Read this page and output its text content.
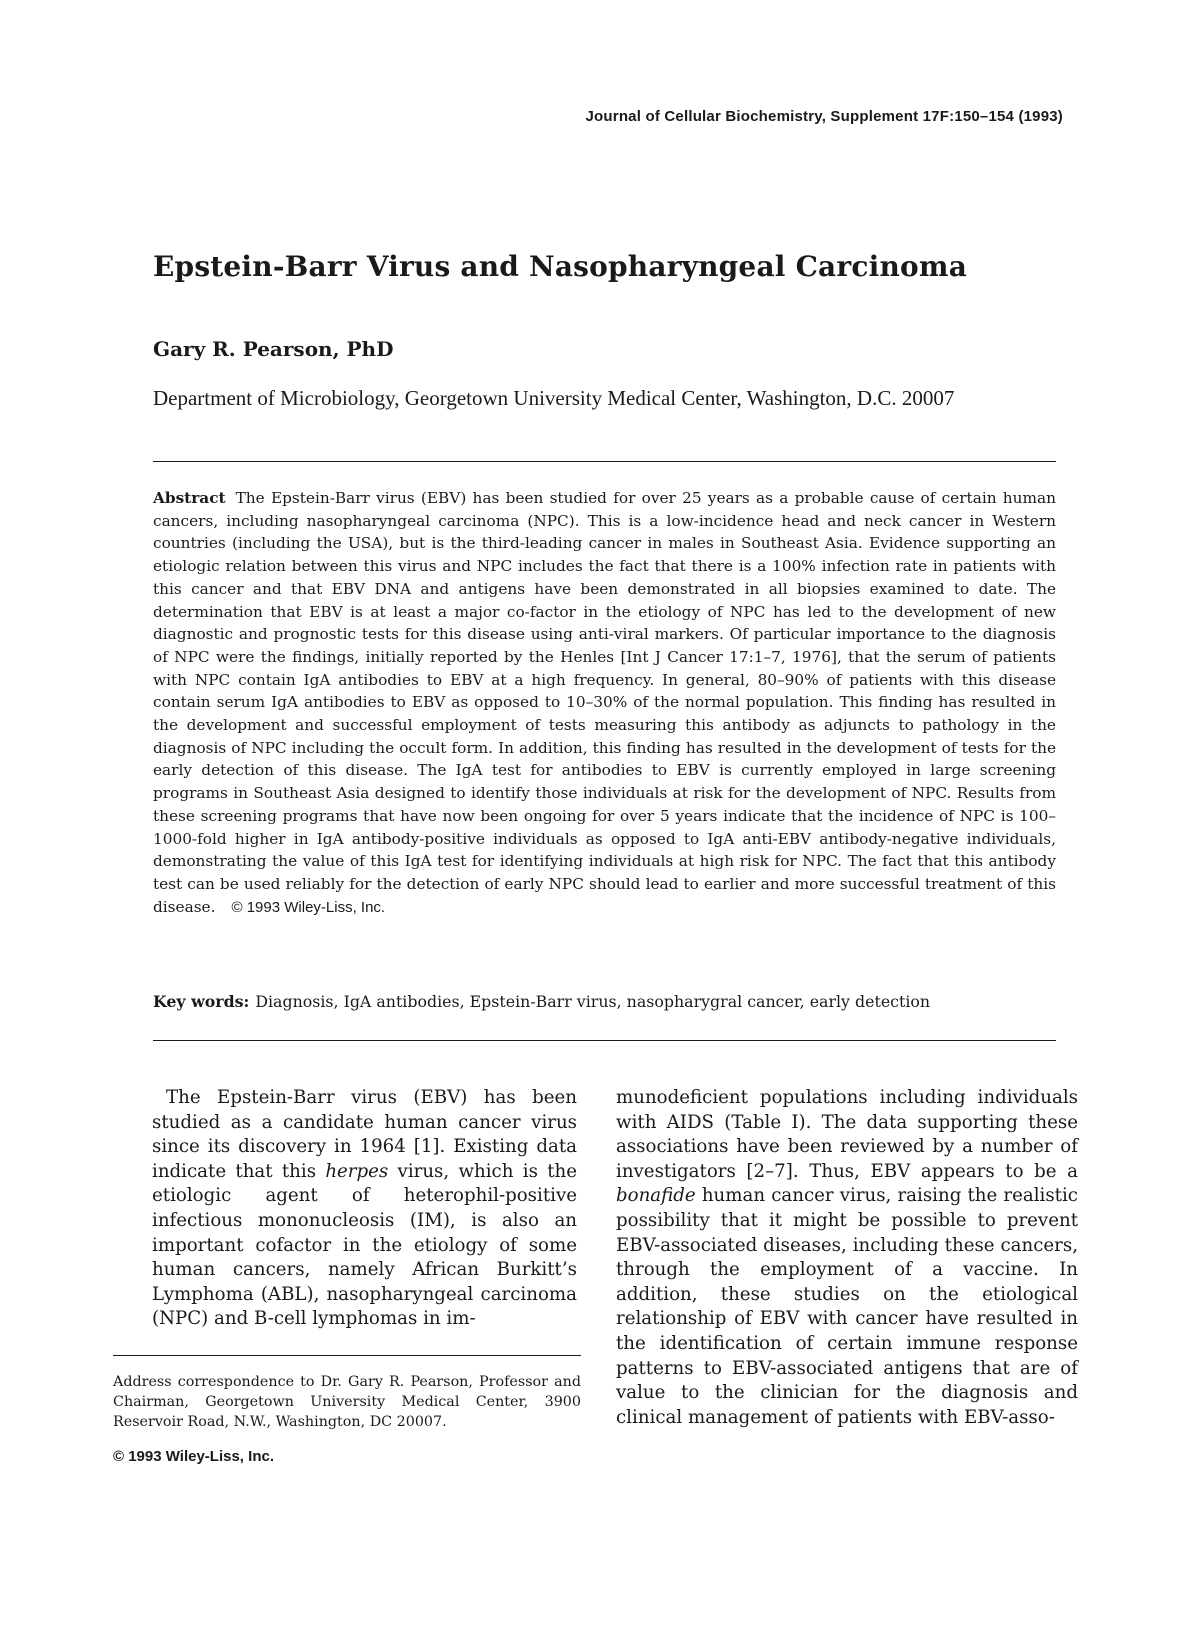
Journal of Cellular Biochemistry, Supplement 17F:150–154 (1993)
Epstein-Barr Virus and Nasopharyngeal Carcinoma
Gary R. Pearson, PhD
Department of Microbiology, Georgetown University Medical Center, Washington, D.C. 20007
Abstract The Epstein-Barr virus (EBV) has been studied for over 25 years as a probable cause of certain human cancers, including nasopharyngeal carcinoma (NPC). This is a low-incidence head and neck cancer in Western countries (including the USA), but is the third-leading cancer in males in Southeast Asia. Evidence supporting an etiologic relation between this virus and NPC includes the fact that there is a 100% infection rate in patients with this cancer and that EBV DNA and antigens have been demonstrated in all biopsies examined to date. The determination that EBV is at least a major co-factor in the etiology of NPC has led to the development of new diagnostic and prognostic tests for this disease using anti-viral markers. Of particular importance to the diagnosis of NPC were the findings, initially reported by the Henles [Int J Cancer 17:1–7, 1976], that the serum of patients with NPC contain IgA antibodies to EBV at a high frequency. In general, 80–90% of patients with this disease contain serum IgA antibodies to EBV as opposed to 10–30% of the normal population. This finding has resulted in the development and successful employment of tests measuring this antibody as adjuncts to pathology in the diagnosis of NPC including the occult form. In addition, this finding has resulted in the development of tests for the early detection of this disease. The IgA test for antibodies to EBV is currently employed in large screening programs in Southeast Asia designed to identify those individuals at risk for the development of NPC. Results from these screening programs that have now been ongoing for over 5 years indicate that the incidence of NPC is 100–1000-fold higher in IgA antibody-positive individuals as opposed to IgA anti-EBV antibody-negative individuals, demonstrating the value of this IgA test for identifying individuals at high risk for NPC. The fact that this antibody test can be used reliably for the detection of early NPC should lead to earlier and more successful treatment of this disease. © 1993 Wiley-Liss, Inc.
Key words: Diagnosis, IgA antibodies, Epstein-Barr virus, nasopharygral cancer, early detection
The Epstein-Barr virus (EBV) has been studied as a candidate human cancer virus since its discovery in 1964 [1]. Existing data indicate that this herpes virus, which is the etiologic agent of heterophil-positive infectious mononucleosis (IM), is also an important cofactor in the etiology of some human cancers, namely African Burkitt’s Lymphoma (ABL), nasopharyngeal carcinoma (NPC) and B-cell lymphomas in im-
munodeficient populations including individuals with AIDS (Table I). The data supporting these associations have been reviewed by a number of investigators [2–7]. Thus, EBV appears to be a bonafide human cancer virus, raising the realistic possibility that it might be possible to prevent EBV-associated diseases, including these cancers, through the employment of a vaccine. In addition, these studies on the etiological relationship of EBV with cancer have resulted in the identification of certain immune response patterns to EBV-associated antigens that are of value to the clinician for the diagnosis and clinical management of patients with EBV-asso-
Address correspondence to Dr. Gary R. Pearson, Professor and Chairman, Georgetown University Medical Center, 3900 Reservoir Road, N.W., Washington, DC 20007.
© 1993 Wiley-Liss, Inc.
